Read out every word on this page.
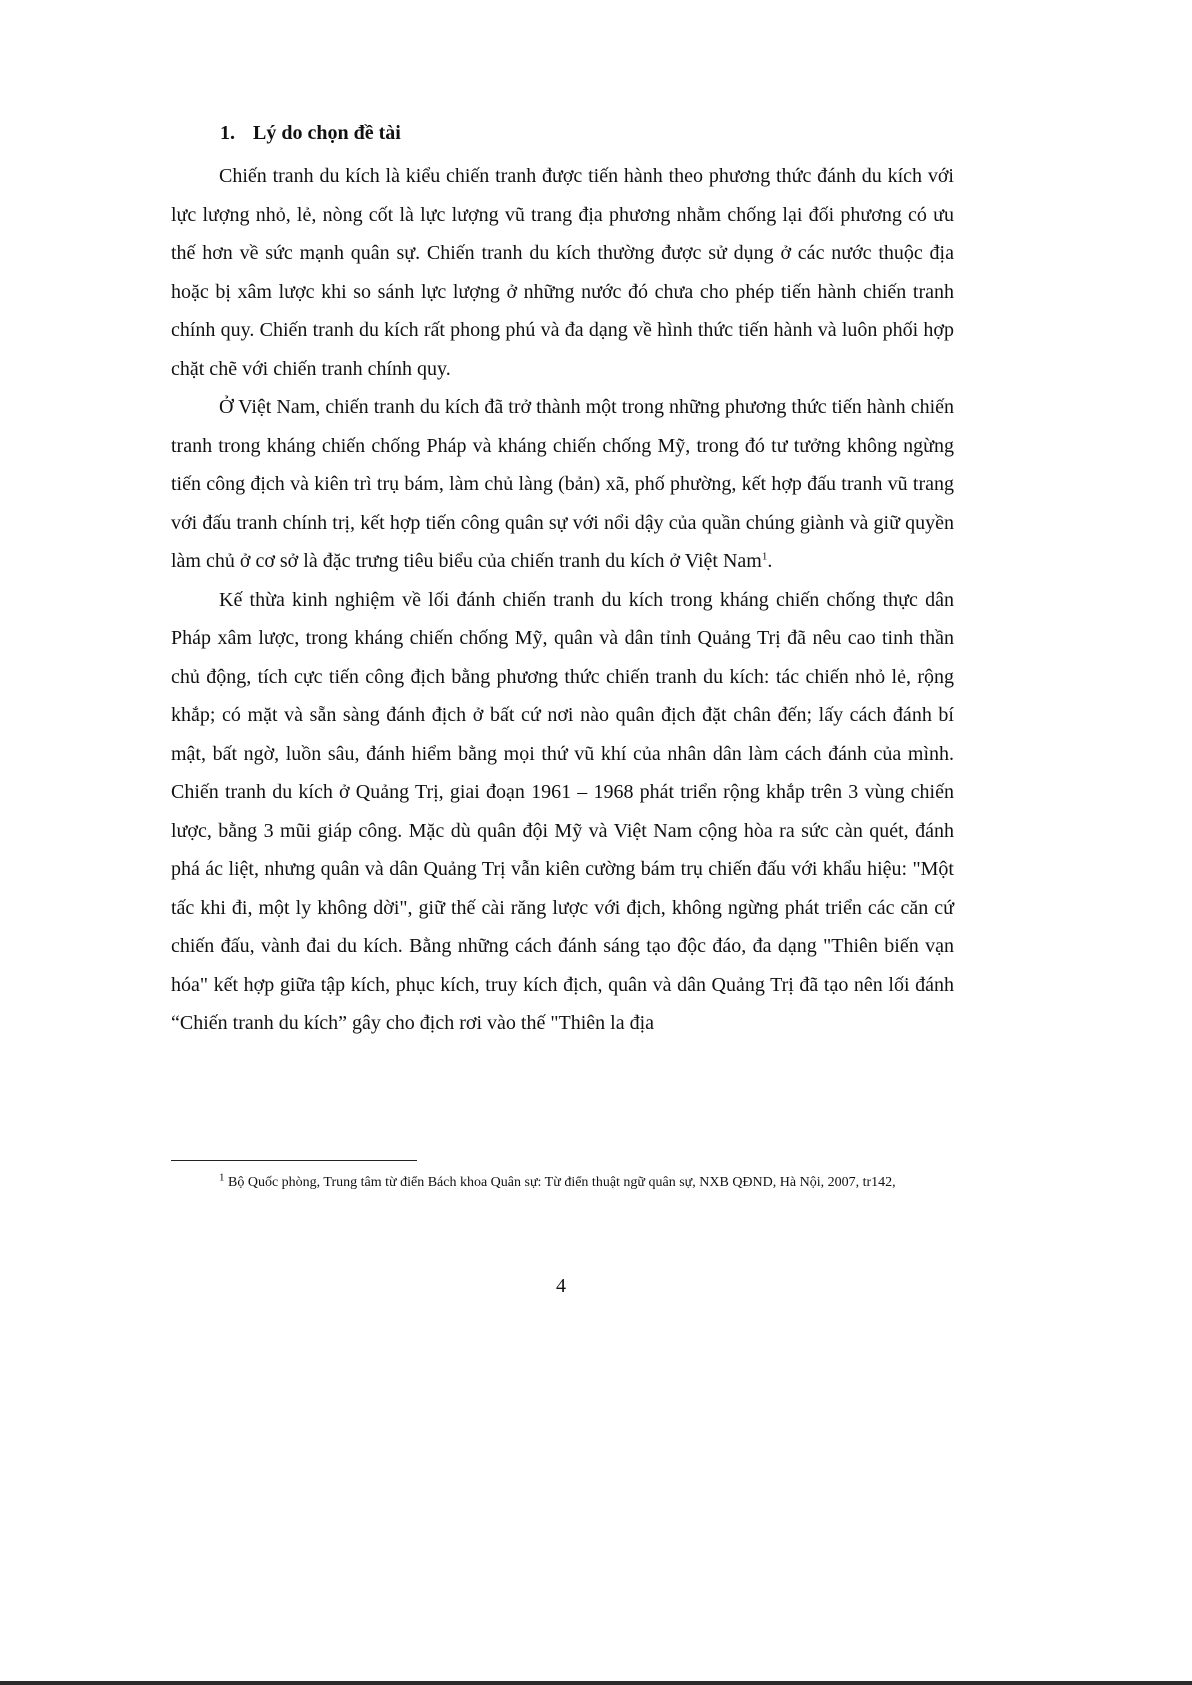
1. Lý do chọn đề tài

Chiến tranh du kích là kiểu chiến tranh được tiến hành theo phương thức đánh du kích với lực lượng nhỏ, lẻ, nòng cốt là lực lượng vũ trang địa phương nhằm chống lại đối phương có ưu thế hơn về sức mạnh quân sự. Chiến tranh du kích thường được sử dụng ở các nước thuộc địa hoặc bị xâm lược khi so sánh lực lượng ở những nước đó chưa cho phép tiến hành chiến tranh chính quy. Chiến tranh du kích rất phong phú và đa dạng về hình thức tiến hành và luôn phối hợp chặt chẽ với chiến tranh chính quy.

Ở Việt Nam, chiến tranh du kích đã trở thành một trong những phương thức tiến hành chiến tranh trong kháng chiến chống Pháp và kháng chiến chống Mỹ, trong đó tư tưởng không ngừng tiến công địch và kiên trì trụ bám, làm chủ làng (bản) xã, phố phường, kết hợp đấu tranh vũ trang với đấu tranh chính trị, kết hợp tiến công quân sự với nổi dậy của quần chúng giành và giữ quyền làm chủ ở cơ sở là đặc trưng tiêu biểu của chiến tranh du kích ở Việt Nam$^1$.

Kế thừa kinh nghiệm về lối đánh chiến tranh du kích trong kháng chiến chống thực dân Pháp xâm lược, trong kháng chiến chống Mỹ, quân và dân tỉnh Quảng Trị đã nêu cao tinh thần chủ động, tích cực tiến công địch bằng phương thức chiến tranh du kích: tác chiến nhỏ lẻ, rộng khắp; có mặt và sẵn sàng đánh địch ở bất cứ nơi nào quân địch đặt chân đến; lấy cách đánh bí mật, bất ngờ, luồn sâu, đánh hiểm bằng mọi thứ vũ khí của nhân dân làm cách đánh của mình. Chiến tranh du kích ở Quảng Trị, giai đoạn 1961 – 1968 phát triển rộng khắp trên 3 vùng chiến lược, bằng 3 mũi giáp công. Mặc dù quân đội Mỹ và Việt Nam cộng hòa ra sức càn quét, đánh phá ác liệt, nhưng quân và dân Quảng Trị vẫn kiên cường bám trụ chiến đấu với khẩu hiệu: "Một tấc khi đi, một ly không dời", giữ thế cài răng lược với địch, không ngừng phát triển các căn cứ chiến đấu, vành đai du kích. Bằng những cách đánh sáng tạo độc đáo, đa dạng "Thiên biến vạn hóa" kết hợp giữa tập kích, phục kích, truy kích địch, quân và dân Quảng Trị đã tạo nên lối đánh “Chiến tranh du kích” gây cho địch rơi vào thế "Thiên la địa

$^1$ Bộ Quốc phòng, Trung tâm từ điển Bách khoa Quân sự: Từ điển thuật ngữ quân sự, NXB QĐND, Hà Nội, 2007, tr142,

4
